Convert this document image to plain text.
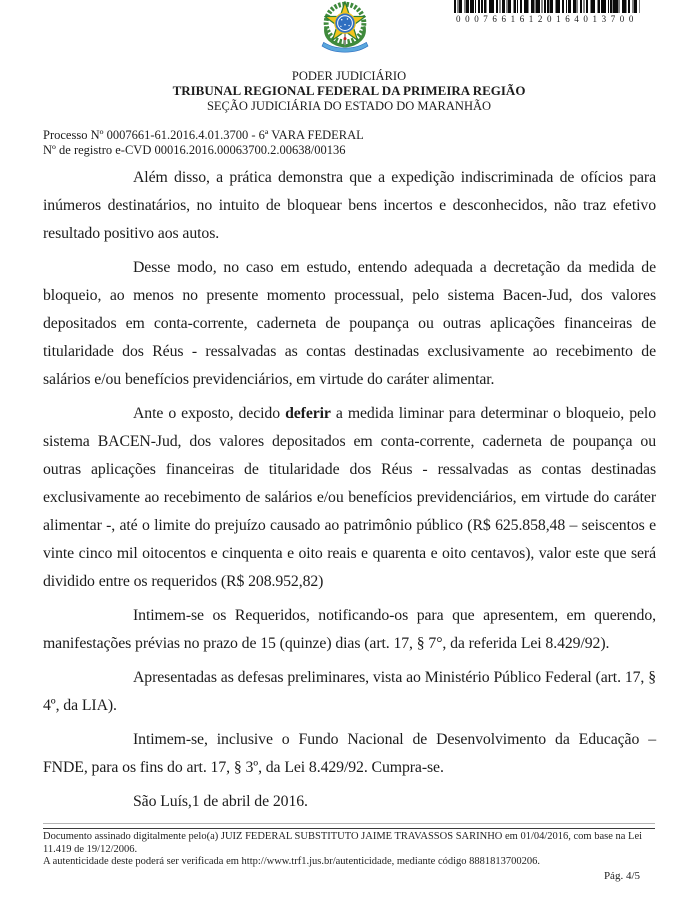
00076616120164013700
PODER JUDICIÁRIO
TRIBUNAL REGIONAL FEDERAL DA PRIMEIRA REGIÃO
SEÇÃO JUDICIÁRIA DO ESTADO DO MARANHÃO
Processo Nº 0007661-61.2016.4.01.3700 - 6ª VARA FEDERAL
Nº de registro e-CVD 00016.2016.00063700.2.00638/00136

Além disso, a prática demonstra que a expedição indiscriminada de ofícios para inúmeros destinatários, no intuito de bloquear bens incertos e desconhecidos, não traz efetivo resultado positivo aos autos.

Desse modo, no caso em estudo, entendo adequada a decretação da medida de bloqueio, ao menos no presente momento processual, pelo sistema Bacen-Jud, dos valores depositados em conta-corrente, caderneta de poupança ou outras aplicações financeiras de titularidade dos Réus - ressalvadas as contas destinadas exclusivamente ao recebimento de salários e/ou benefícios previdenciários, em virtude do caráter alimentar.

Ante o exposto, decido deferir a medida liminar para determinar o bloqueio, pelo sistema BACEN-Jud, dos valores depositados em conta-corrente, caderneta de poupança ou outras aplicações financeiras de titularidade dos Réus - ressalvadas as contas destinadas exclusivamente ao recebimento de salários e/ou benefícios previdenciários, em virtude do caráter alimentar -, até o limite do prejuízo causado ao patrimônio público (R$ 625.858,48 – seiscentos e vinte cinco mil oitocentos e cinquenta e oito reais e quarenta e oito centavos), valor este que será dividido entre os requeridos (R$ 208.952,82)

Intimem-se os Requeridos, notificando-os para que apresentem, em querendo, manifestações prévias no prazo de 15 (quinze) dias (art. 17, § 7°, da referida Lei 8.429/92).

Apresentadas as defesas preliminares, vista ao Ministério Público Federal (art. 17, § 4º, da LIA).

Intimem-se, inclusive o Fundo Nacional de Desenvolvimento da Educação – FNDE, para os fins do art. 17, § 3º, da Lei 8.429/92. Cumpra-se.

São Luís,1 de abril de 2016.

Documento assinado digitalmente pelo(a) JUIZ FEDERAL SUBSTITUTO JAIME TRAVASSOS SARINHO em 01/04/2016, com base na Lei 11.419 de 19/12/2006.
A autenticidade deste poderá ser verificada em http://www.trf1.jus.br/autenticidade, mediante código 8881813700206.
Pág. 4/5
